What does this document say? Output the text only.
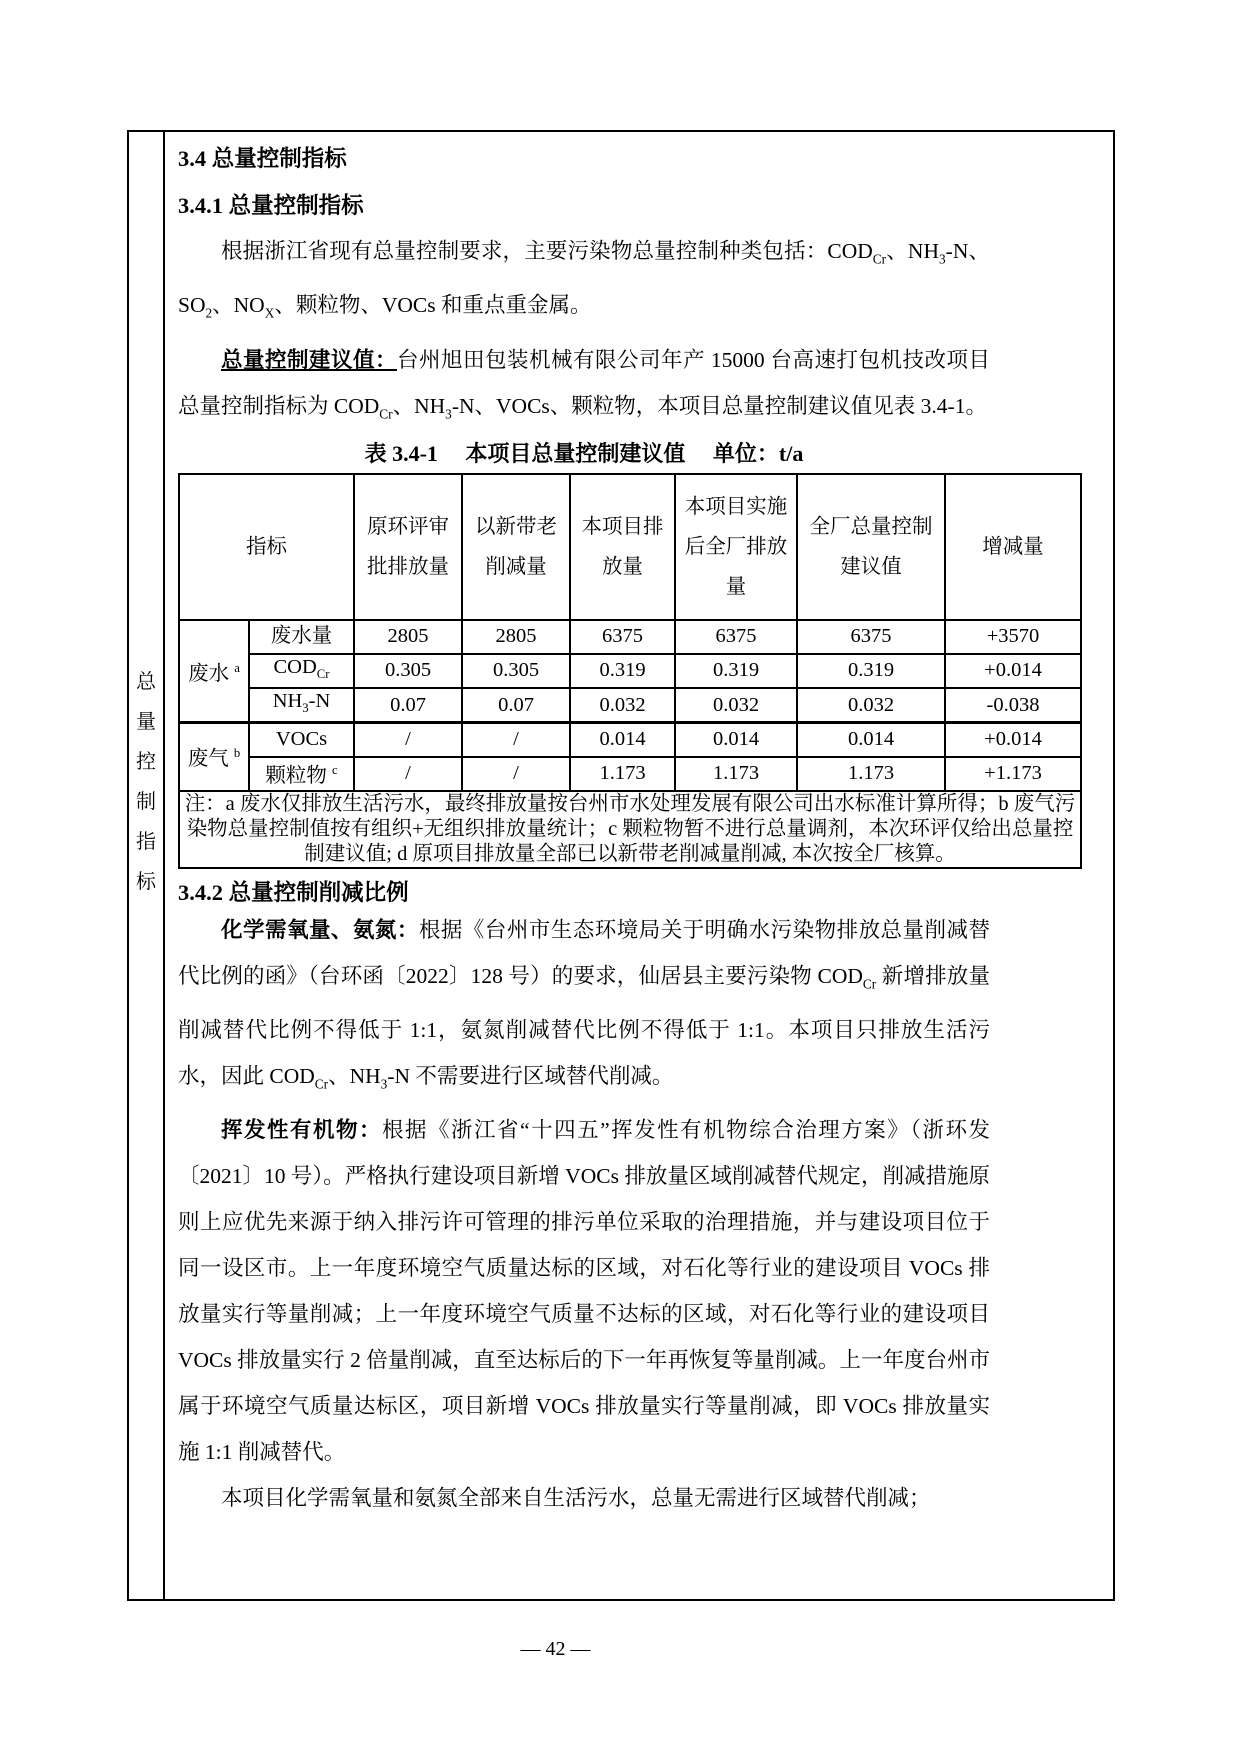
总
量
控
制
指
标

3.4 总量控制指标

3.4.1 总量控制指标

根据浙江省现有总量控制要求，主要污染物总量控制种类包括：$COD_{Cr}$、$NH_3-N$、$SO_2$、$NO_X$、颗粒物、VOCs 和重点重金属。

总量控制建议值：台州旭田包装机械有限公司年产 15000 台高速打包机技改项目总量控制指标为 $COD_{Cr}$、$NH_3-N$、VOCs、颗粒物，本项目总量控制建议值见表 3.4-1。

表 3.4-1　 本项目总量控制建议值 　单位：t/a
指标		原环评审批排放量	以新带老削减量	本项目排放量	本项目实施后全厂排放量	全厂总量控制建议值	增减量
废水 $^a$	废水量	2805	2805	6375	6375	6375	+3570
	$COD_{Cr}$	0.305	0.305	0.319	0.319	0.319	+0.014
	$NH_3-N$	0.07	0.07	0.032	0.032	0.032	-0.038
废气 $^b$	VOCs	/	/	0.014	0.014	0.014	+0.014
	颗粒物 $^c$	/	/	1.173	1.173	1.173	+1.173
注：a 废水仅排放生活污水，最终排放量按台州市水处理发展有限公司出水标准计算所得；b 废气污染物总量控制值按有组织+无组织排放量统计；c 颗粒物暂不进行总量调剂，本次环评仅给出总量控制建议值; d 原项目排放量全部已以新带老削减量削减, 本次按全厂核算。							

3.4.2 总量控制削减比例

化学需氧量、氨氮：根据《台州市生态环境局关于明确水污染物排放总量削减替代比例的函》（台环函〔2022〕128 号）的要求，仙居县主要污染物 $COD_{Cr}$ 新增排放量削减替代比例不得低于 1:1，氨氮削减替代比例不得低于 1:1。本项目只排放生活污水，因此 $COD_{Cr}$、$NH_3-N$ 不需要进行区域替代削减。

挥发性有机物：根据《浙江省“十四五”挥发性有机物综合治理方案》（浙环发〔2021〕10 号）。严格执行建设项目新增 VOCs 排放量区域削减替代规定，削减措施原则上应优先来源于纳入排污许可管理的排污单位采取的治理措施，并与建设项目位于同一设区市。上一年度环境空气质量达标的区域，对石化等行业的建设项目 VOCs 排放量实行等量削减；上一年度环境空气质量不达标的区域，对石化等行业的建设项目 VOCs 排放量实行 2 倍量削减，直至达标后的下一年再恢复等量削减。上一年度台州市属于环境空气质量达标区，项目新增 VOCs 排放量实行等量削减，即 VOCs 排放量实施 1:1 削减替代。

本项目化学需氧量和氨氮全部来自生活污水，总量无需进行区域替代削减；

— 42 —
